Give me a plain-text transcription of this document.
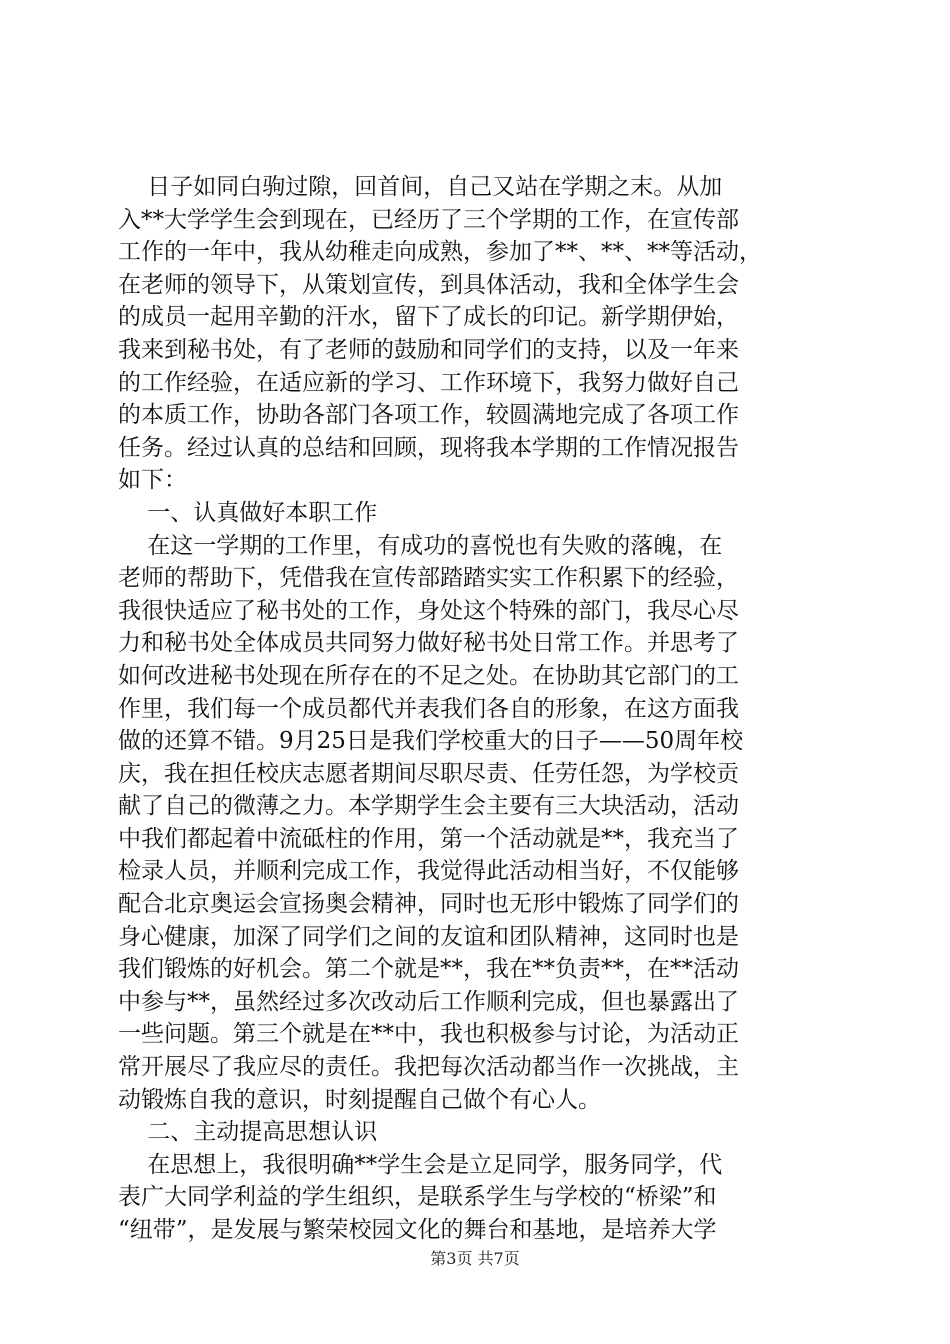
日子如同白驹过隙，回首间，自己又站在学期之末。从加
入**大学学生会到现在，已经历了三个学期的工作，在宣传部
工作的一年中，我从幼稚走向成熟，参加了**、**、**等活动，
在老师的领导下，从策划宣传，到具体活动，我和全体学生会
的成员一起用辛勤的汗水，留下了成长的印记。新学期伊始，
我来到秘书处，有了老师的鼓励和同学们的支持，以及一年来
的工作经验，在适应新的学习、工作环境下，我努力做好自己
的本质工作，协助各部门各项工作，较圆满地完成了各项工作
任务。经过认真的总结和回顾，现将我本学期的工作情况报告
如下：
一、认真做好本职工作
在这一学期的工作里，有成功的喜悦也有失败的落魄，在
老师的帮助下，凭借我在宣传部踏踏实实工作积累下的经验，
我很快适应了秘书处的工作，身处这个特殊的部门，我尽心尽
力和秘书处全体成员共同努力做好秘书处日常工作。并思考了
如何改进秘书处现在所存在的不足之处。在协助其它部门的工
作里，我们每一个成员都代并表我们各自的形象，在这方面我
做的还算不错。9月25日是我们学校重大的日子——50周年校
庆，我在担任校庆志愿者期间尽职尽责、任劳任怨，为学校贡
献了自己的微薄之力。本学期学生会主要有三大块活动，活动
中我们都起着中流砥柱的作用，第一个活动就是**，我充当了
检录人员，并顺利完成工作，我觉得此活动相当好，不仅能够
配合北京奥运会宣扬奥会精神，同时也无形中锻炼了同学们的
身心健康，加深了同学们之间的友谊和团队精神，这同时也是
我们锻炼的好机会。第二个就是**，我在**负责**，在**活动
中参与**，虽然经过多次改动后工作顺利完成，但也暴露出了
一些问题。第三个就是在**中，我也积极参与讨论，为活动正
常开展尽了我应尽的责任。我把每次活动都当作一次挑战，主
动锻炼自我的意识，时刻提醒自己做个有心人。
二、主动提高思想认识
在思想上，我很明确**学生会是立足同学，服务同学，代
表广大同学利益的学生组织，是联系学生与学校的“桥梁”和
“纽带”，是发展与繁荣校园文化的舞台和基地，是培养大学
第3页 共7页
